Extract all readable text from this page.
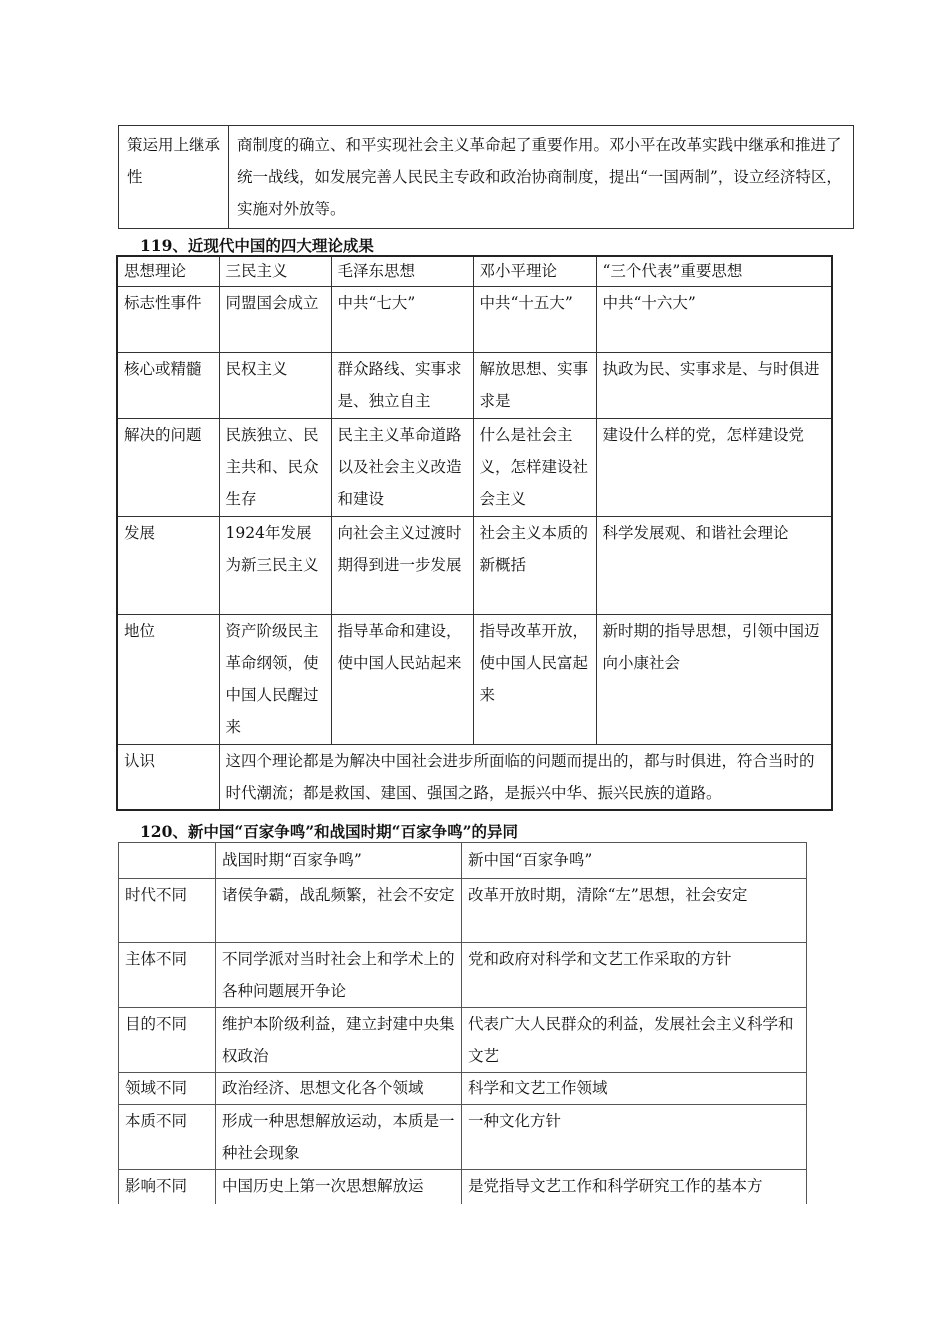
策运用上继承性	商制度的确立、和平实现社会主义革命起了重要作用。邓小平在改革实践中继承和推进了统一战线，如发展完善人民民主专政和政治协商制度，提出“一国两制”，设立经济特区，实施对外放等。
119、近现代中国的四大理论成果
思想理论	三民主义	毛泽东思想	邓小平理论	“三个代表”重要思想
标志性事件	同盟国会成立	中共“七大”	中共“十五大”	中共“十六大”
核心或精髓	民权主义	群众路线、实事求是、独立自主	解放思想、实事求是	执政为民、实事求是、与时俱进
解决的问题	民族独立、民主共和、民众生存	民主主义革命道路以及社会主义改造和建设	什么是社会主义，怎样建设社会主义	建设什么样的党，怎样建设党
发展	1924年发展为新三民主义	向社会主义过渡时期得到进一步发展	社会主义本质的新概括	科学发展观、和谐社会理论
地位	资产阶级民主革命纲领，使中国人民醒过来	指导革命和建设，使中国人民站起来	指导改革开放，使中国人民富起来	新时期的指导思想，引领中国迈向小康社会
认识	这四个理论都是为解决中国社会进步所面临的问题而提出的，都与时俱进，符合当时的时代潮流；都是救国、建国、强国之路，是振兴中华、振兴民族的道路。			
120、新中国“百家争鸣”和战国时期“百家争鸣”的异同
	战国时期“百家争鸣”	新中国“百家争鸣”
时代不同	诸侯争霸，战乱频繁，社会不安定	改革开放时期，清除“左”思想，社会安定
主体不同	不同学派对当时社会上和学术上的各种问题展开争论	党和政府对科学和文艺工作采取的方针
目的不同	维护本阶级利益，建立封建中央集权政治	代表广大人民群众的利益，发展社会主义科学和文艺
领域不同	政治经济、思想文化各个领域	科学和文艺工作领域
本质不同	形成一种思想解放运动，本质是一种社会现象	一种文化方针
影响不同	中国历史上第一次思想解放运	是党指导文艺工作和科学研究工作的基本方
